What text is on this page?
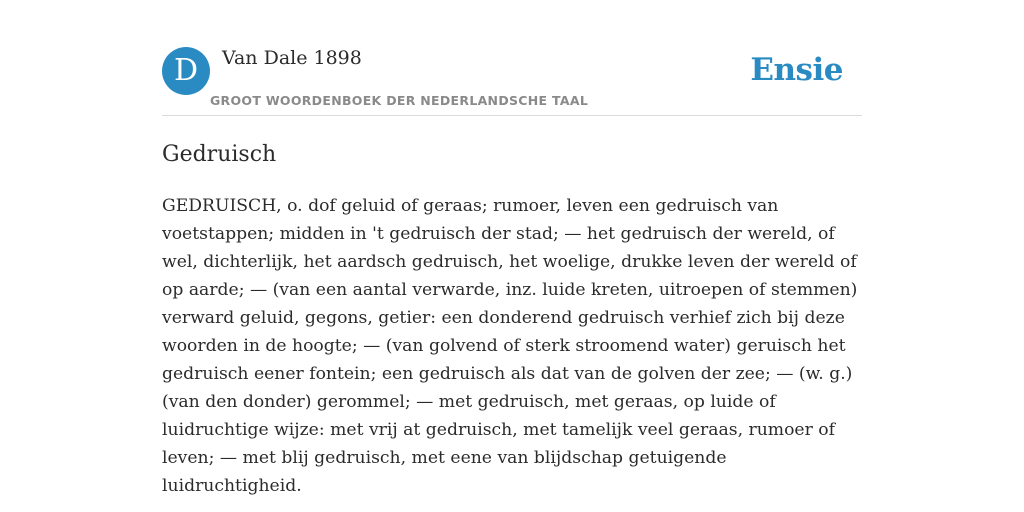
D	Van Dale 1898
GROOT WOORDENBOEK DER NEDERLANDSCHE TAAL
Ensie
Gedruisch

GEDRUISCH, o. dof geluid of geraas; rumoer, leven een gedruisch van voetstappen; midden in 't gedruisch der stad; — het gedruisch der wereld, of wel, dichterlijk, het aardsch gedruisch, het woelige, drukke leven der wereld of op aarde; — (van een aantal verwarde, inz. luide kreten, uitroepen of stemmen) verward geluid, gegons, getier: een donderend gedruisch verhief zich bij deze woorden in de hoogte; — (van golvend of sterk stroomend water) geruisch het gedruisch eener fontein; een gedruisch als dat van de golven der zee; — (w. g.) (van den donder) gerommel; — met gedruisch, met geraas, op luide of luidruchtige wijze: met vrij at gedruisch, met tamelijk veel geraas, rumoer of leven; — met blij gedruisch, met eene van blijdschap getuigende luidruchtigheid.
